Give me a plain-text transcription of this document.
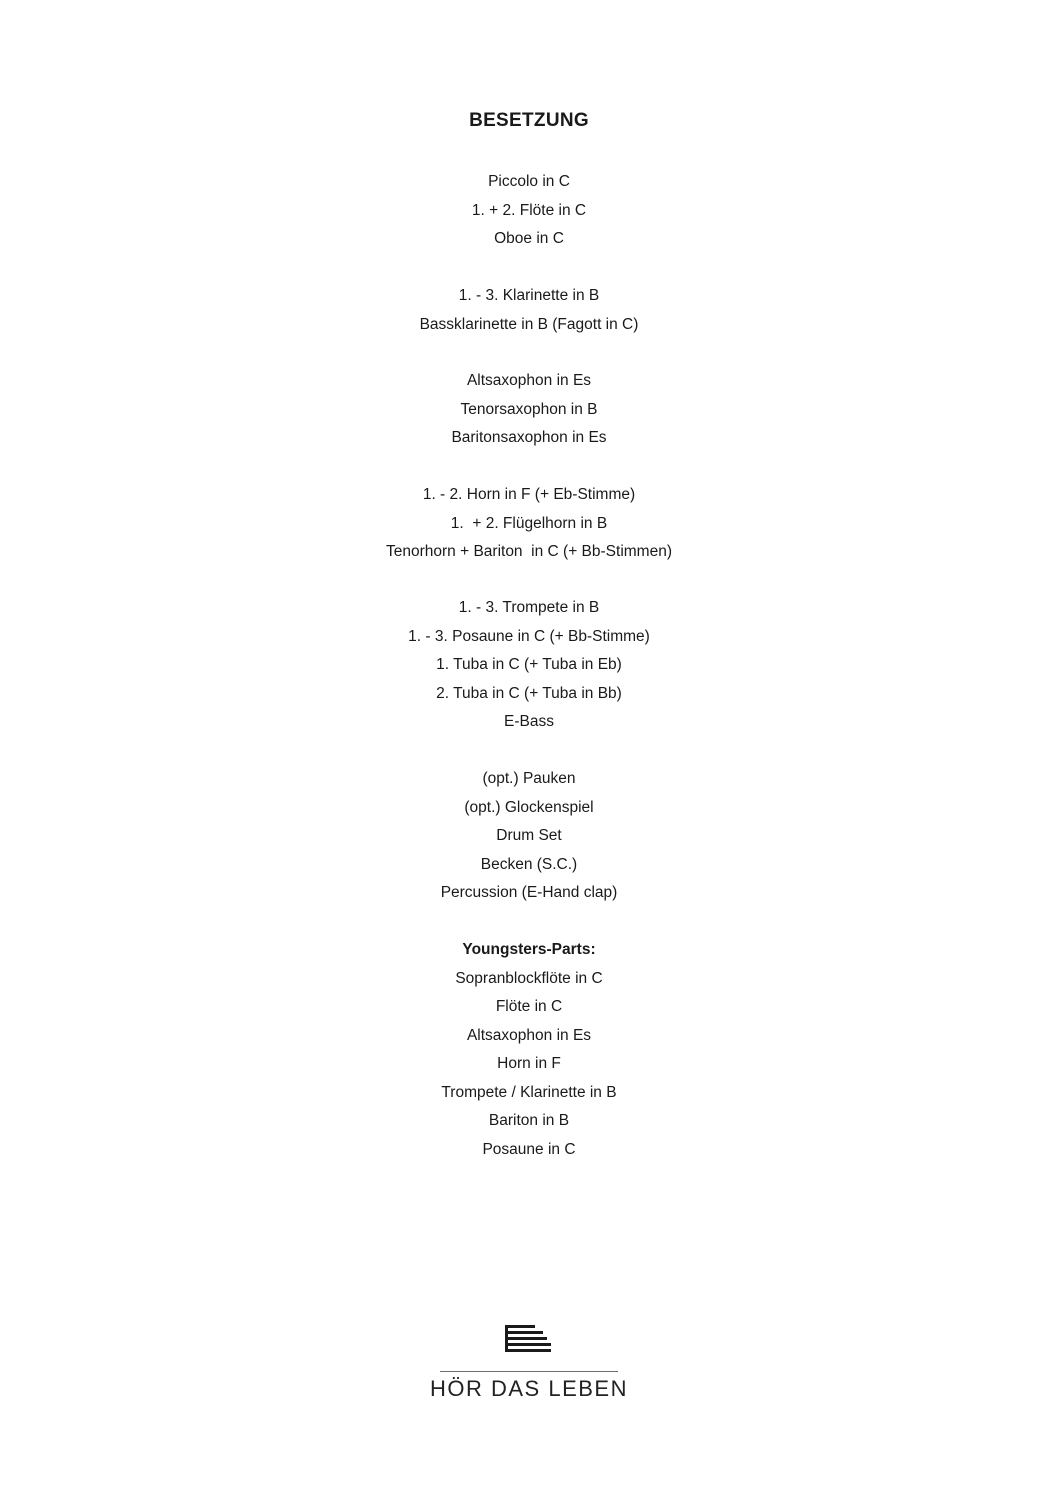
BESETZUNG
Piccolo in C
1. + 2. Flöte in C
Oboe in C
1. - 3. Klarinette in B
Bassklarinette in B (Fagott in C)
Altsaxophon in Es
Tenorsaxophon in B
Baritonsaxophon in Es
1. - 2. Horn in F (+ Eb-Stimme)
1.  + 2. Flügelhorn in B
Tenorhorn + Bariton  in C (+ Bb-Stimmen)
1. - 3. Trompete in B
1. - 3. Posaune in C (+ Bb-Stimme)
1. Tuba in C (+ Tuba in Eb)
2. Tuba in C (+ Tuba in Bb)
E-Bass
(opt.) Pauken
(opt.) Glockenspiel
Drum Set
Becken (S.C.)
Percussion (E-Hand clap)
Youngsters-Parts:
Sopranblockflöte in C
Flöte in C
Altsaxophon in Es
Horn in F
Trompete / Klarinette in B
Bariton in B
Posaune in C
HÖR DAS LEBEN
